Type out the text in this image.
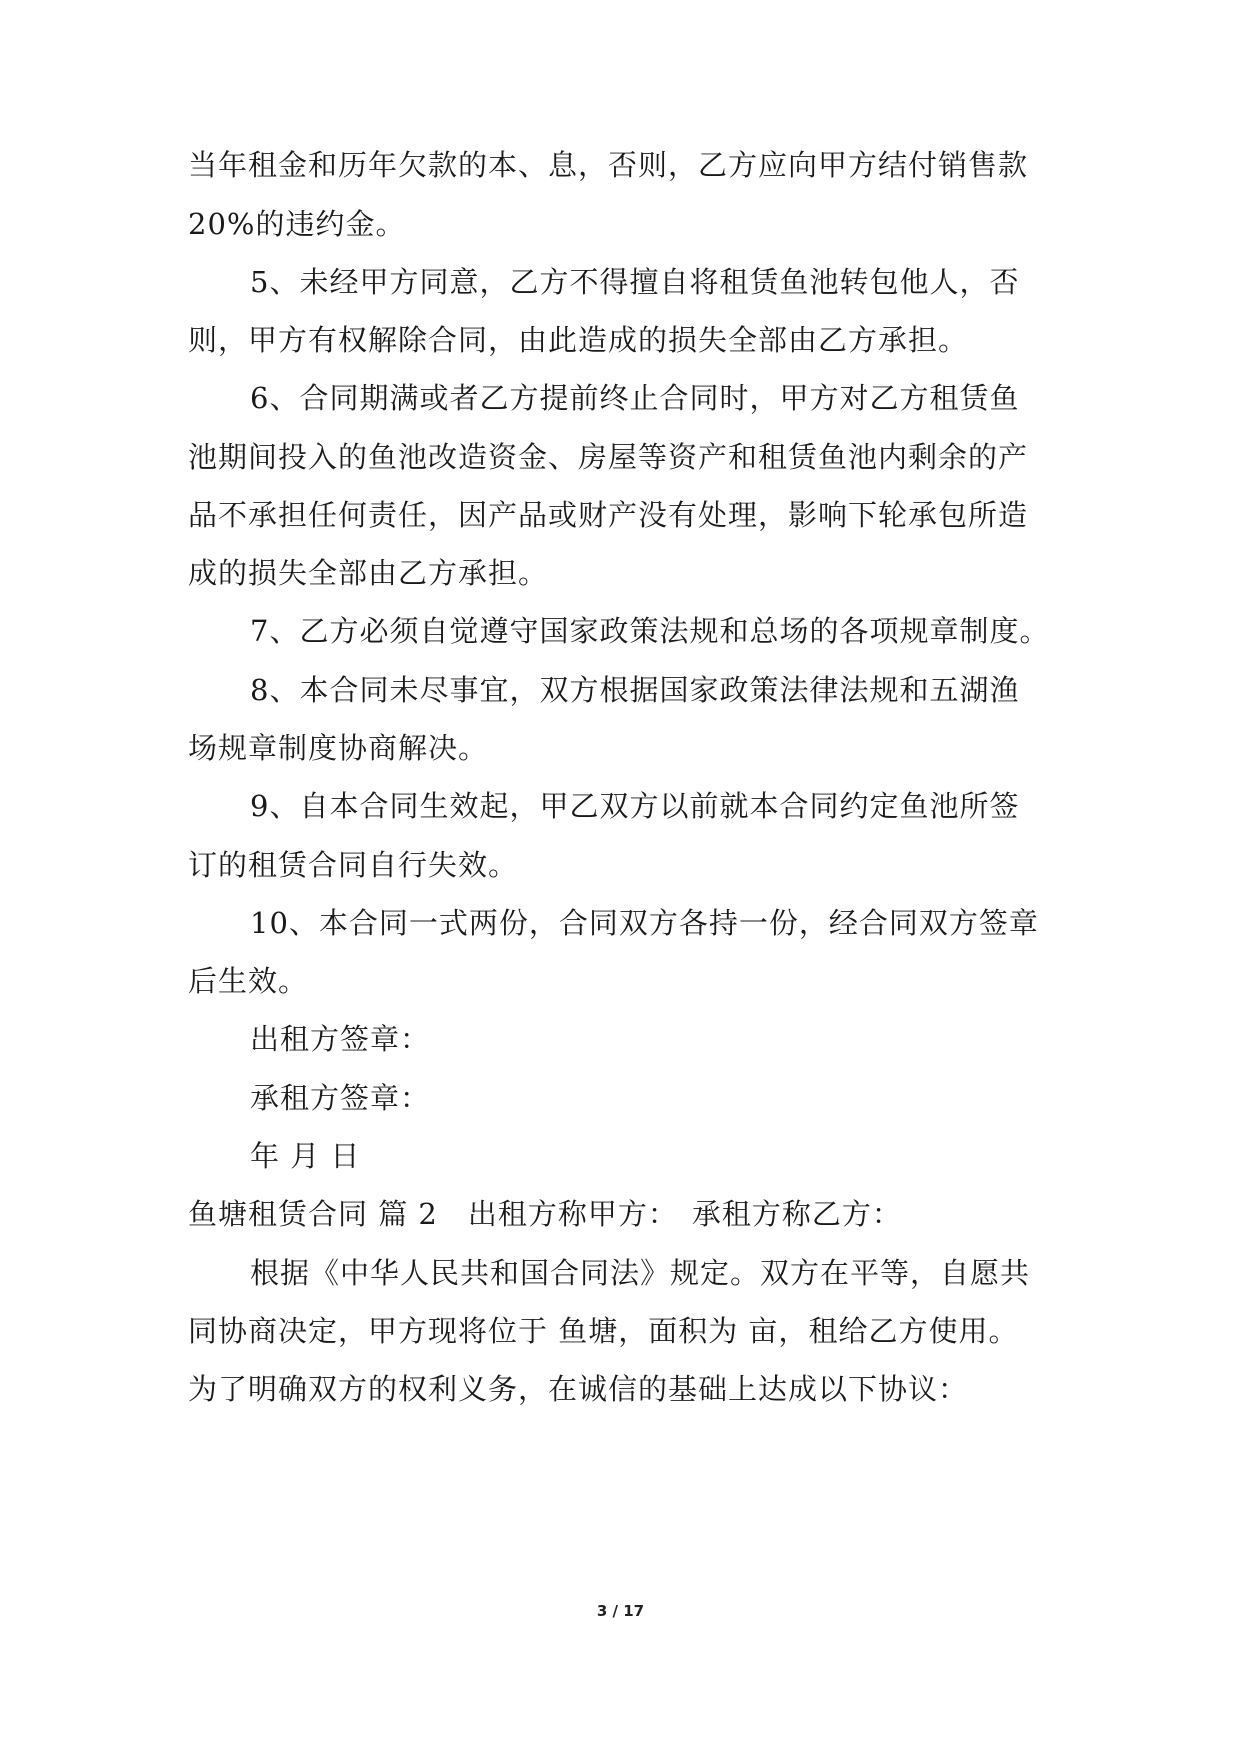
当年租金和历年欠款的本、息，否则，乙方应向甲方结付销售款
20%的违约金。
5、未经甲方同意，乙方不得擅自将租赁鱼池转包他人，否
则，甲方有权解除合同，由此造成的损失全部由乙方承担。
6、合同期满或者乙方提前终止合同时，甲方对乙方租赁鱼
池期间投入的鱼池改造资金、房屋等资产和租赁鱼池内剩余的产
品不承担任何责任，因产品或财产没有处理，影响下轮承包所造
成的损失全部由乙方承担。
7、乙方必须自觉遵守国家政策法规和总场的各项规章制度。
8、本合同未尽事宜，双方根据国家政策法律法规和五湖渔
场规章制度协商解决。
9、自本合同生效起，甲乙双方以前就本合同约定鱼池所签
订的租赁合同自行失效。
10、本合同一式两份，合同双方各持一份，经合同双方签章
后生效。
出租方签章：
承租方签章：
年 月 日
鱼塘租赁合同 篇 2 出租方称甲方： 承租方称乙方：
根据《中华人民共和国合同法》规定。双方在平等，自愿共
同协商决定，甲方现将位于 鱼塘，面积为 亩，租给乙方使用。
为了明确双方的权利义务，在诚信的基础上达成以下协议：
3 / 17
